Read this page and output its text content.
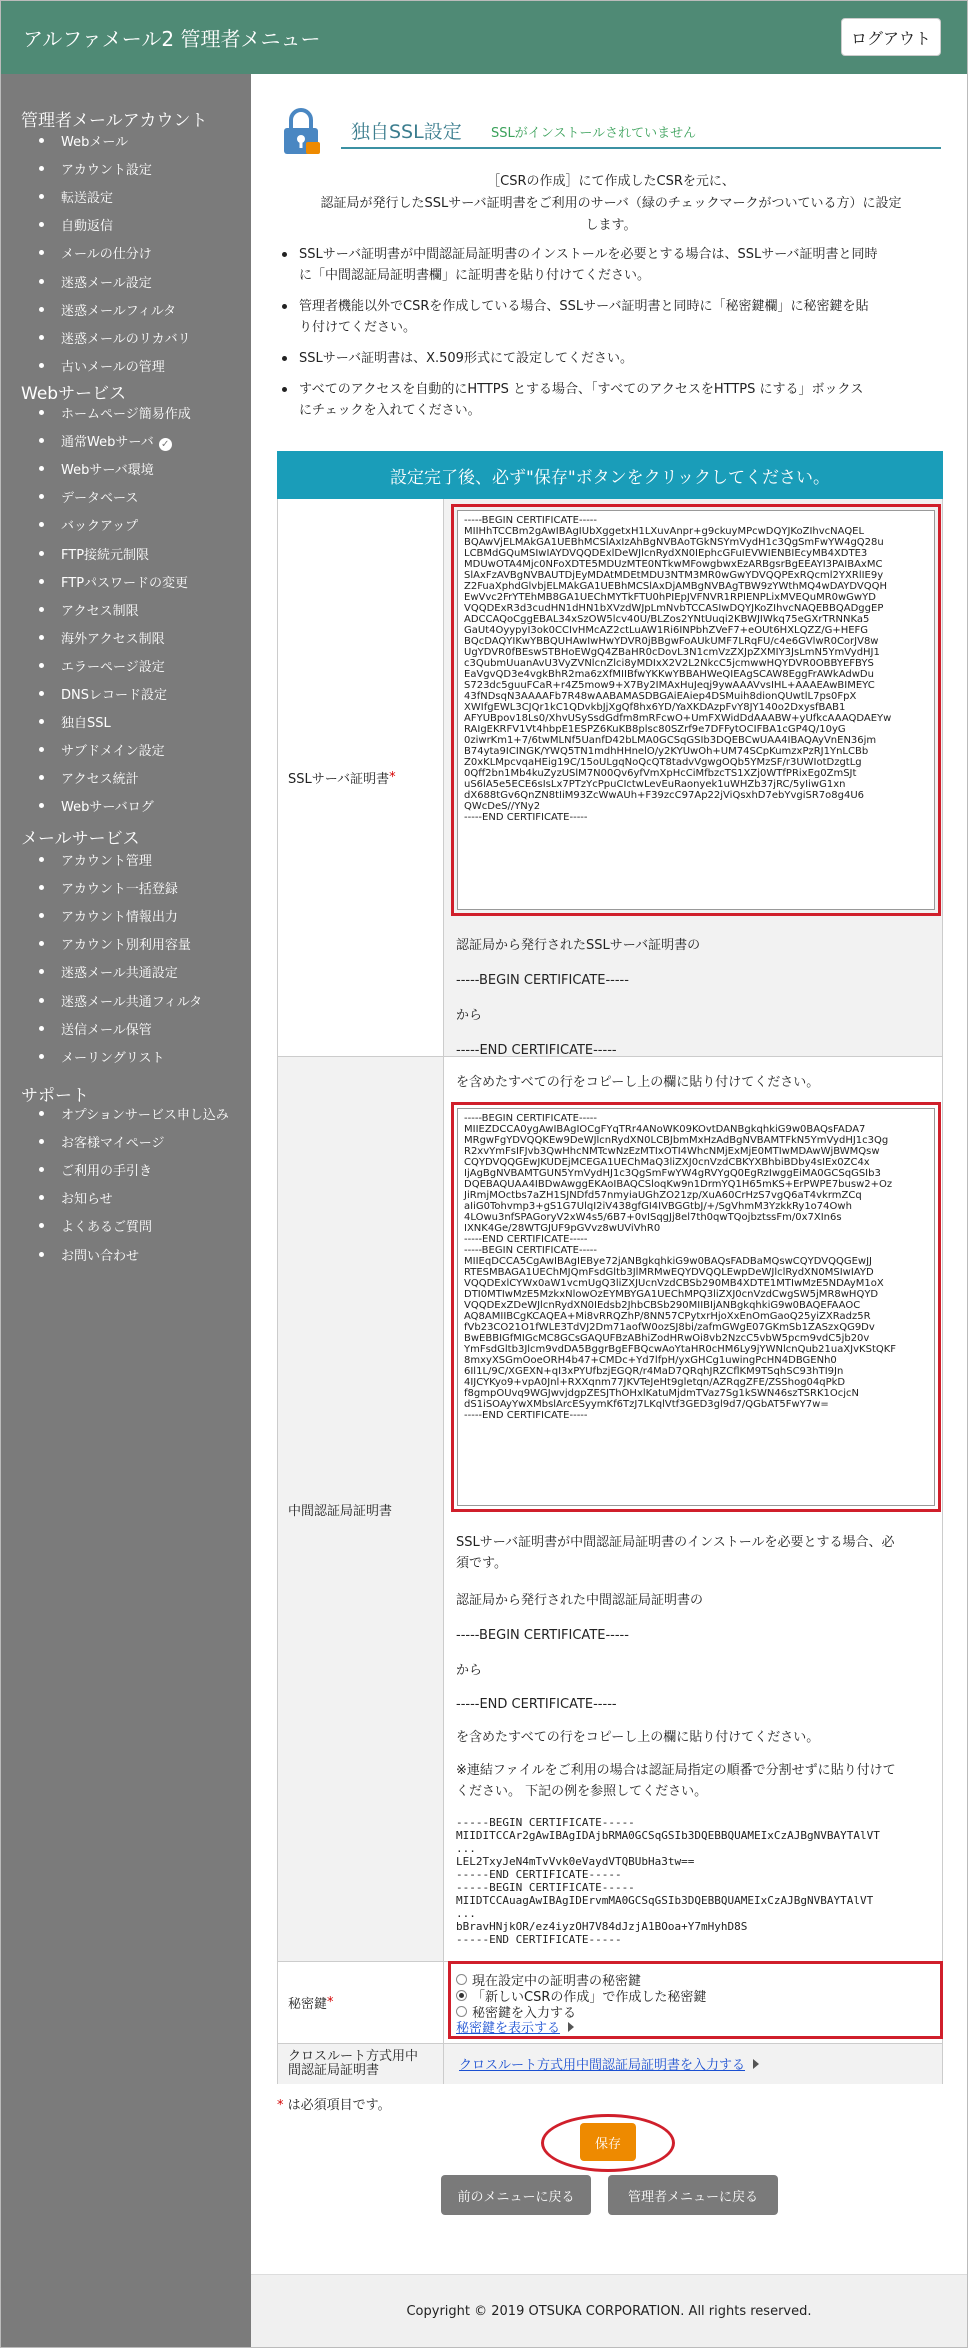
アルファメール2 管理者メニュー	ログアウト
管理者メールアカウント
Webメール
アカウント設定
転送設定
自動返信
メールの仕分け
迷惑メール設定
迷惑メールフィルタ
迷惑メールのリカバリ
古いメールの管理
Webサービス
ホームページ簡易作成
通常Webサーバ ✓
Webサーバ環境
データベース
バックアップ
FTP接続元制限
FTPパスワードの変更
アクセス制限
海外アクセス制限
エラーページ設定
DNSレコード設定
独自SSL
サブドメイン設定
アクセス統計
Webサーバログ
メールサービス
アカウント管理
アカウント一括登録
アカウント情報出力
アカウント別利用容量
迷惑メール共通設定
迷惑メール共通フィルタ
送信メール保管
メーリングリスト
サポート
オプションサービス申し込み
お客様マイページ
ご利用の手引き
お知らせ
よくあるご質問
お問い合わせ
独自SSL設定 SSLがインストールされていません
［CSRの作成］にて作成したCSRを元に、
認証局が発行したSSLサーバ証明書をご利用のサーバ（緑のチェックマークがついている方）に設定
します。
SSLサーバ証明書が中間認証局証明書のインストールを必要とする場合は、SSLサーバ証明書と同時
に「中間認証局証明書欄」に証明書を貼り付けてください。
管理者機能以外でCSRを作成している場合、SSLサーバ証明書と同時に「秘密鍵欄」に秘密鍵を貼
り付けてください。
SSLサーバ証明書は、X.509形式にて設定してください。
すべてのアクセスを自動的にHTTPS とする場合、「すべてのアクセスをHTTPS にする」ボックス
にチェックを入れてください。
設定完了後、必ず"保存"ボタンをクリックしてください。
SSLサーバ証明書 *
中間認証局証明書
秘密鍵 *
クロスルート方式用中
間認証局証明書
-----BEGIN CERTIFICATE-----
MIIHhTCCBm2gAwIBAgIUbXggetxH1LXuvAnpr+g9ckuyMPcwDQYJKoZIhvcNAQEL
BQAwVjELMAkGA1UEBhMCSlAxIzAhBgNVBAoTGkNSYmVydH1c3QgSmFwYW4gQ28u
LCBMdGQuMSIwIAYDVQQDExlDeWJlcnRydXN0IEphcGFuIEVWIENBIEcyMB4XDTE3
MDUwOTA4Mjc0NFoXDTE5MDUzMTE0NTkwMFowgbwxEzARBgsrBgEEAYI3PAIBAxMC
SlAxFzAVBgNVBAUTDjEyMDAtMDEtMDU3NTM3MR0wGwYDVQQPExRQcml2YXRlIE9y
Z2FuaXphdGlvbjELMAkGA1UEBhMCSlAxDjAMBgNVBAgTBW9zYWthMQ4wDAYDVQQH
EwVvc2FrYTEhMB8GA1UEChMYTkFTU0hPIEpJVFNVR1RPIENPLixMVEQuMR0wGwYD
VQQDExR3d3cudHN1dHN1bXVzdWJpLmNvbTCCASIwDQYJKoZIhvcNAQEBBQADggEP
ADCCAQoCggEBAL34xSzOW5lcv40U/BLZos2YNtUuqi2KBWJIWkq75eGXrTRNNKa5
GaUt4OyypyI3ok0CCIvHMcAZ2ctLuAW1Ri6INPbhZVeF7+eOUt6HXLQZZ/G+HEFG
BQcDAQYIKwYBBQUHAwIwHwYDVR0jBBgwFoAUkUMF7LRqFU/c4e6GVlwR0CorJV8w
UgYDVR0fBEswSTBHoEWgQ4ZBaHR0cDovL3N1cmVzZXJpZXMIY3JsLmN5YmVydHJ1
c3QubmUuanAvU3VyZVNlcnZlci8yMDIxX2V2L2NkcC5jcmwwHQYDVR0OBBYEFBYS
EaVgvQD3e4vgkBhR2ma6zXfMIIBfwYKKwYBBAHWeQIEAgSCAW8EggFrAWkAdwDu
S723dc5guuFCaR+r4Z5mow9+X7By2IMAxHuJeqj9ywAAAVvsIHL+AAAEAwBIMEYC
43fNDsqN3AAAAFb7R48wAABAMASDBGAiEAiep4DSMuih8dionQUwtlL7ps0FpX
XWIfgEWL3CJQr1kC1QDvkbJjXgQf8hx6YD/YaXKDAzpFvY8JY140o2DxysfBAB1
AFYUBpov18Ls0/XhvUSySsdGdfm8mRFcwO+UmFXWidDdAAABW+yUfkcAAAQDAEYw
RAIgEKRFV1Vt4hbpE1ESPZ6KuKB8plsc80SZrf9e7DFFytOCIFBA1cGP4Q/10yG
0ziwrKm1+7/6twMLNf5UanfD42bLMA0GCSqGSIb3DQEBCwUAA4IBAQAyVnEN36jm
B74yta9ICINGK/YWQ5TN1mdhHHnelO/y2KYUwOh+UM74SCpKumzxPzRJ1YnLCBb
Z0xKLMpcvqaHEig19C/15oULgqNoQcQT8tadvVgwgOQb5YMzSF/r3UWIotDzgtLg
0Qff2bn1Mb4kuZyzUSlM7N00Qv6yfVmXpHcCiMfbzcTS1XZj0WTfPRixEg0ZmSJt
uS6lA5e5ECE6sIsLx7PTzYcPpuCIctwLevEuRaonyek1uWHZb37jRC/5yIiwG1xn
dX688tGv6QnZN8tIiM93ZcWwAUh+F39zcC97Ap22jViQsxhD7ebYvgiSR7o8g4U6
QWcDeS//YNy2
-----END CERTIFICATE-----
認証局から発行されたSSLサーバ証明書の
-----BEGIN CERTIFICATE-----
から
-----END CERTIFICATE-----
を含めたすべての行をコピーし上の欄に貼り付けてください。
-----BEGIN CERTIFICATE-----
MIIEZDCCA0ygAwIBAgIOCgFYqTRr4ANoWK09KOvtDANBgkqhkiG9w0BAQsFADA7
MRgwFgYDVQQKEw9DeWJlcnRydXN0LCBJbmMxHzAdBgNVBAMTFkN5YmVydHJ1c3Qg
R2xvYmFsIFJvb3QwHhcNMTcwNzEzMTIxOTI4WhcNMjExMjE0MTIwMDAwWjBWMQsw
CQYDVQQGEwJKUDEjMCEGA1UEChMaQ3liZXJ0cnVzdCBKYXBhbiBDby4sIEx0ZC4x
IjAgBgNVBAMTGUN5YmVydHJ1c3QgSmFwYW4gRVYgQ0EgRzIwggEiMA0GCSqGSIb3
DQEBAQUAA4IBDwAwggEKAoIBAQCSloqKw9n1DrmYQ1H65mKS+ErPWPE7busw2+Oz
JiRmjMOctbs7aZH1SJNDfd57nmyiaUGhZO21zp/XuA60CrHzS7vgQ6aT4vkrmZCq
aIiG0Tohvmp3+gS1G7UlqI2iV438gfGI4IVBGGtbJ/+/SgVhmM3YzkkRy1o74Owh
4LOwu3nfSPAGoryV2xW4s5/6B7+0vISqgJj8el7th0qwTQojbztssFm/0x7XIn6s
IXNK4Ge/28WTGJUF9pGVvz8wUViVhR0
-----END CERTIFICATE-----
-----BEGIN CERTIFICATE-----
MIIEqDCCA5CgAwIBAgIEBye72jANBgkqhkiG9w0BAQsFADBaMQswCQYDVQQGEwJJ
RTESMBAGA1UEChMJQmFsdGltb3JlMRMwEQYDVQQLEwpDeWJlclRydXN0MSIwIAYD
VQQDExlCYWx0aW1vcmUgQ3liZXJUcnVzdCBSb290MB4XDTE1MTIwMzE5NDAyM1oX
DTI0MTIwMzE5MzkxNlowOzEYMBYGA1UEChMPQ3liZXJ0cnVzdCwgSW5jMR8wHQYD
VQQDExZDeWJlcnRydXN0IEdsb2JhbCBSb290MIIBIjANBgkqhkiG9w0BAQEFAAOC
AQ8AMIIBCgKCAQEA+Mi8vRRQZhP/8NN57CPytxrHjoXxEnOmGaoQ25yiZXRadz5R
fVb23CO21O1fWLE3TdVJ2Dm71aofW0ozSJ8bi/zafmGWgE07GKmSb1ZASzxQG9Dv
BwEBBIGfMIGcMC8GCsGAQUFBzABhiZodHRwOi8vb2NzcC5vbW5pcm9vdC5jb20v
YmFsdGltb3Jlcm9vdDA5BggrBgEFBQcwAoYtaHR0cHM6Ly9jYWNlcnQub21uaXJvKStQKF
8mxyXSGmOoeORH4b47+CMDc+Yd7lfpH/yxGHCg1uwingPcHN4DBGENh0
6Il1L/9C/XGEXN+qI3xPYUfbzjEGQR/r4MaD7QRqhJRZCflKM9TSqhSC93hTI9Jn
4IJCYKyo9+vpA0Jnl+RXXqnm77JKVTeJeHt9gletqn/AZRqgZFE/ZSShog04qPkD
f8gmpOUvq9WGJwvjdgpZESJThOHxlKatuMjdmTVaz7Sg1kSWN46szTSRK1OcjcN
dS1iSOAyYwXMbslArcESyymKf6TzJ7LKqlVtf3GED3gl9d7/QGbAT5FwY7w=
-----END CERTIFICATE-----
SSLサーバ証明書が中間認証局証明書のインストールを必要とする場合、必
須です。
認証局から発行された中間認証局証明書の
-----BEGIN CERTIFICATE-----
から
-----END CERTIFICATE-----
を含めたすべての行をコピーし上の欄に貼り付けてください。
※連結ファイルをご利用の場合は認証局指定の順番で分割せずに貼り付けて
ください。 下記の例を参照してください。
-----BEGIN CERTIFICATE-----
MIIDITCCAr2gAwIBAgIDAjbRMA0GCSqGSIb3DQEBBQUAMEIxCzAJBgNVBAYTAlVT
...
LEL2TxyJeN4mTvVvk0eVaydVTQBUbHa3tw==
-----END CERTIFICATE-----
-----BEGIN CERTIFICATE-----
MIIDTCCAuagAwIBAgIDErvmMA0GCSqGSIb3DQEBBQUAMEIxCzAJBgNVBAYTAlVT
...
bBravHNjkOR/ez4iyzOH7V84dJzjA1BOoa+Y7mHyhD8S
-----END CERTIFICATE-----
現在設定中の証明書の秘密鍵
「新しいCSRの作成」で作成した秘密鍵
秘密鍵を入力する
秘密鍵を表示する
クロスルート方式用中間認証局証明書を入力する
* は必須項目です。
保存
前のメニューに戻る	管理者メニューに戻る
Copyright © 2019 OTSUKA CORPORATION. All rights reserved.
